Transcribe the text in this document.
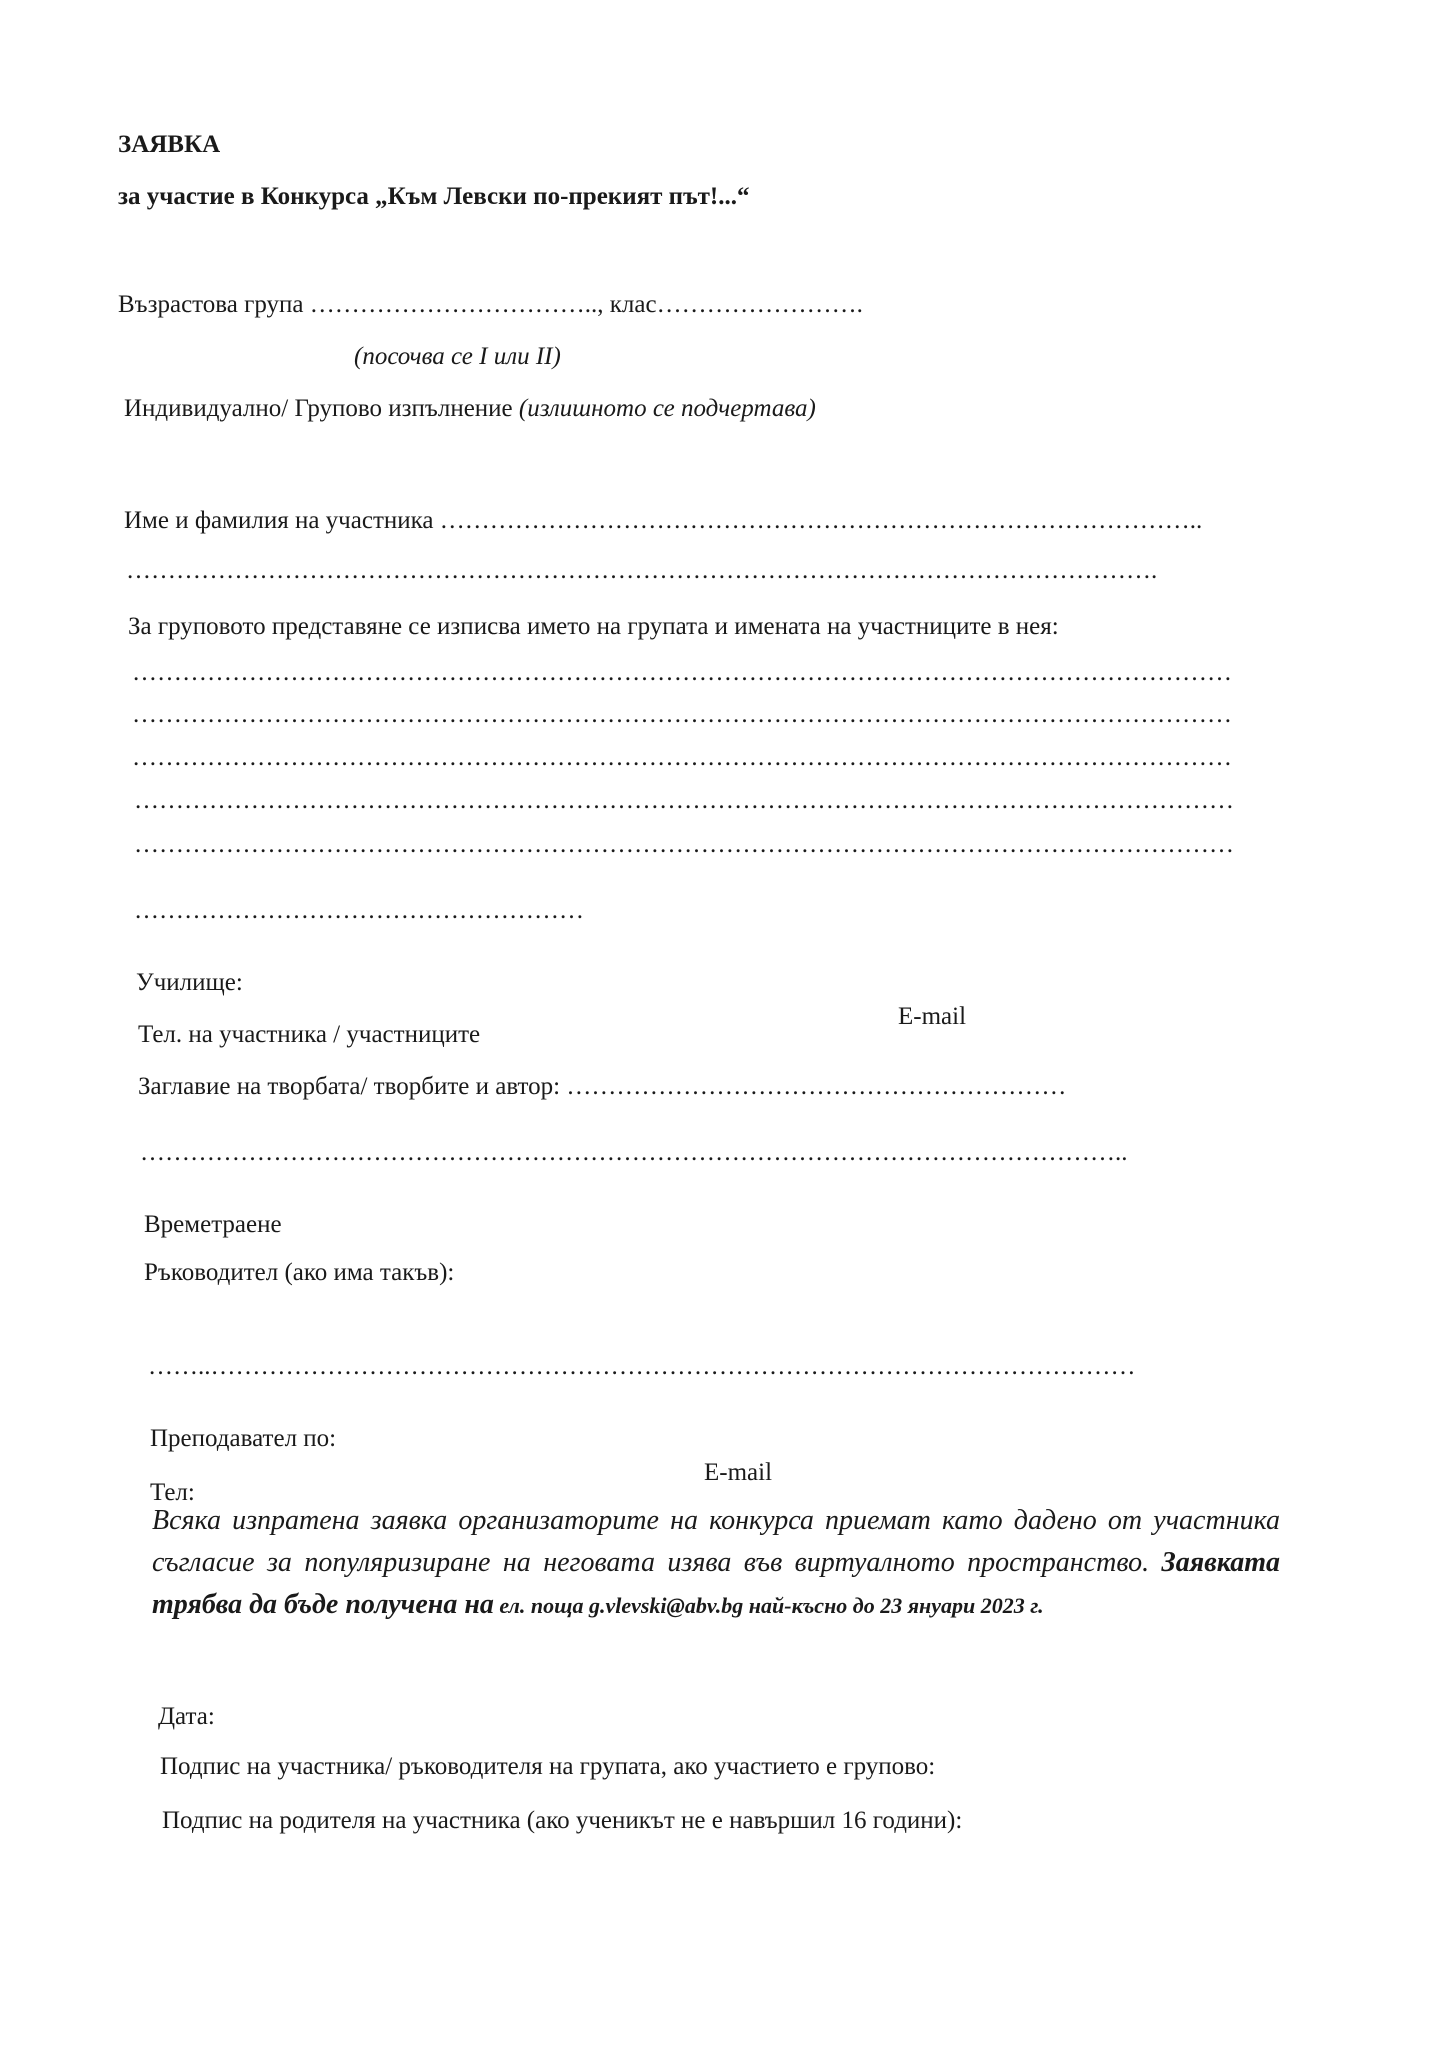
ЗАЯВКА
за участие в Конкурса „Към Левски по-прекият път!...“
Възрастова група …………………………….., клас…………………….
(посочва се I или II)
Индивидуално/ Групово изпълнение (излишното се подчертава)
Име и фамилия на участника ………………………………………………………………………………..
…………………………………………………………………………………………………………….
За груповото представяне се изписва името на групата и имената на участниците в нея:
……………………………………………………………………………………………………………………
……………………………………………………………………………………………………………………
……………………………………………………………………………………………………………………
……………………………………………………………………………………………………………………
……………………………………………………………………………………………………………………
………………………………………………
Училище:
Тел. на участника / участниците
E-mail
Заглавие на творбата/ творбите и автор: ……………………………………………………
………………………………………………………………………………………………………..
Времетраене
Ръководител (ако има такъв):
……..…………………………………………………………………………………………………
Преподавател по:
Тел:
E-mail
Всяка изпратена заявка организаторите на конкурса приемат като дадено от участника съгласие за популяризиране на неговата изява във виртуалното пространство. Заявката трябва да бъде получена на ел. поща g.vlevski@abv.bg най-късно до 23 януари 2023 г.
Дата:
Подпис на участника/ ръководителя на групата, ако участието е групово:
Подпис на родителя на участника (ако ученикът не е навършил 16 години):
